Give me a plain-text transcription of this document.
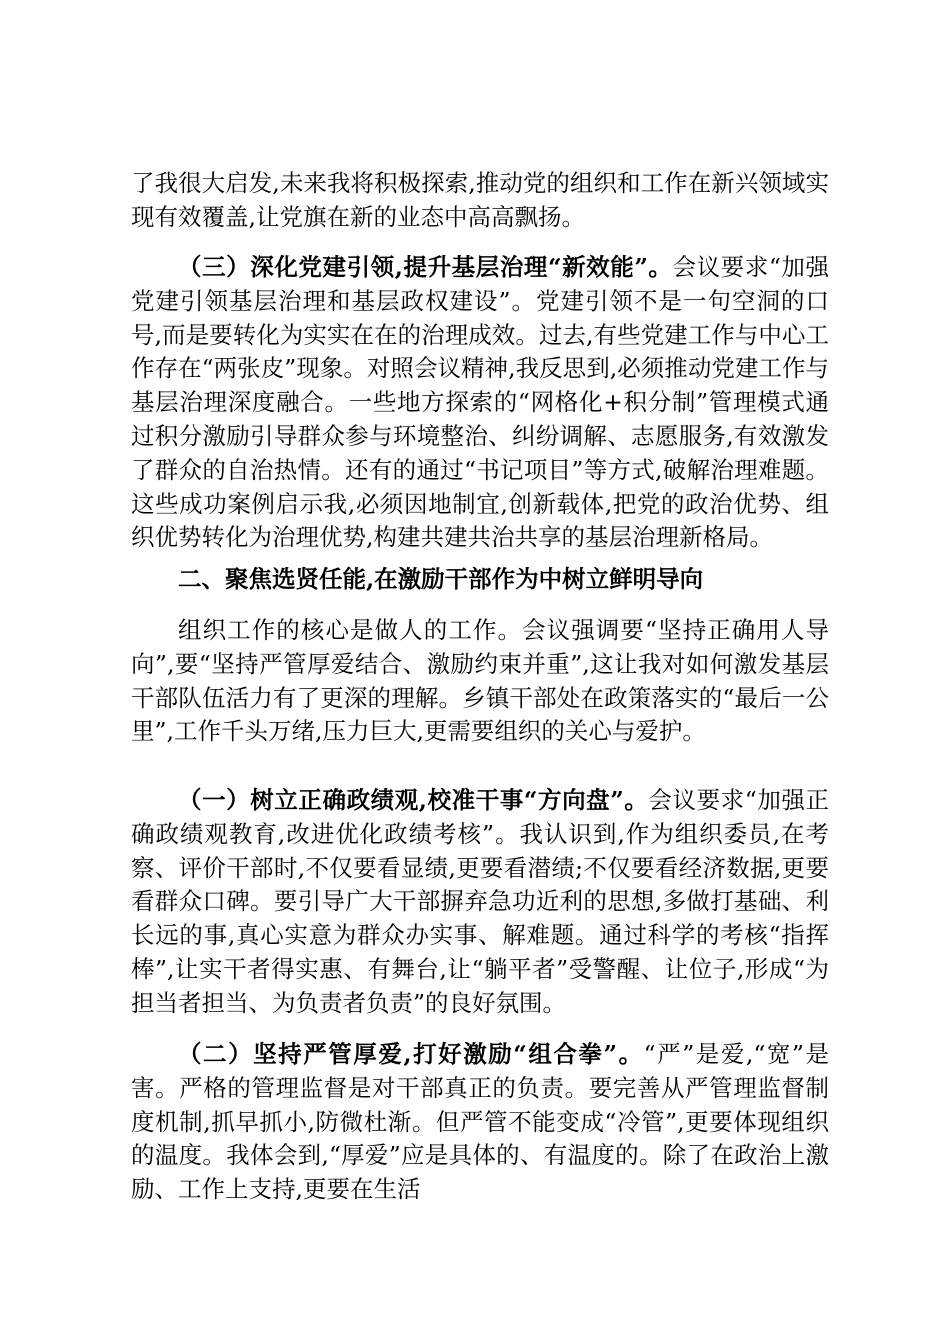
了我很大启发,未来我将积极探索,推动党的组织和工作在新兴领域实现有效覆盖,让党旗在新的业态中高高飘扬。

（三）深化党建引领,提升基层治理“新效能”。会议要求“加强党建引领基层治理和基层政权建设”。党建引领不是一句空洞的口号,而是要转化为实实在在的治理成效。过去,有些党建工作与中心工作存在“两张皮”现象。对照会议精神,我反思到,必须推动党建工作与基层治理深度融合。一些地方探索的“网格化+积分制”管理模式通过积分激励引导群众参与环境整治、纠纷调解、志愿服务,有效激发了群众的自治热情。还有的通过“书记项目”等方式,破解治理难题。这些成功案例启示我,必须因地制宜,创新载体,把党的政治优势、组织优势转化为治理优势,构建共建共治共享的基层治理新格局。

二、聚焦选贤任能,在激励干部作为中树立鲜明导向

组织工作的核心是做人的工作。会议强调要“坚持正确用人导向”,要“坚持严管厚爱结合、激励约束并重”,这让我对如何激发基层干部队伍活力有了更深的理解。乡镇干部处在政策落实的“最后一公里”,工作千头万绪,压力巨大,更需要组织的关心与爱护。

（一）树立正确政绩观,校准干事“方向盘”。会议要求“加强正确政绩观教育,改进优化政绩考核”。我认识到,作为组织委员,在考察、评价干部时,不仅要看显绩,更要看潜绩;不仅要看经济数据,更要看群众口碑。要引导广大干部摒弃急功近利的思想,多做打基础、利长远的事,真心实意为群众办实事、解难题。通过科学的考核“指挥棒”,让实干者得实惠、有舞台,让“躺平者”受警醒、让位子,形成“为担当者担当、为负责者负责”的良好氛围。

（二）坚持严管厚爱,打好激励“组合拳”。“严”是爱,“宽”是害。严格的管理监督是对干部真正的负责。要完善从严管理监督制度机制,抓早抓小,防微杜渐。但严管不能变成“冷管”,更要体现组织的温度。我体会到,“厚爱”应是具体的、有温度的。除了在政治上激励、工作上支持,更要在生活
